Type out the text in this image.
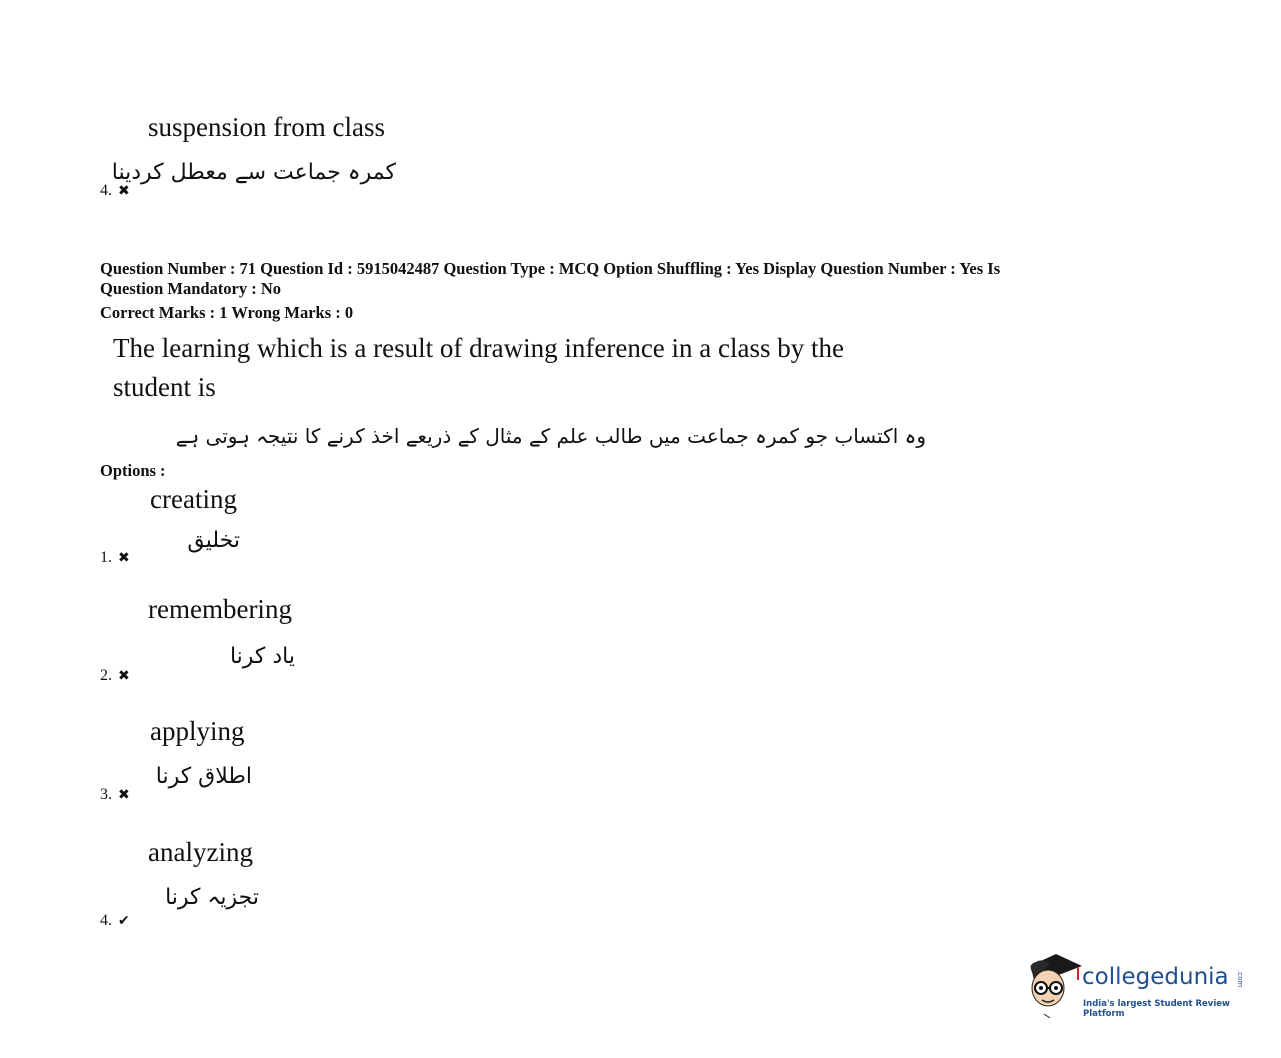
suspension from class
کمرہ جماعت سے معطل کردینا
4. ✖
Question Number : 71 Question Id : 5915042487 Question Type : MCQ Option Shuffling : Yes Display Question Number : Yes Is
Question Mandatory : No
Correct Marks : 1 Wrong Marks : 0
The learning which is a result of drawing inference in a class by the
student is
وہ اکتساب جو کمرہ جماعت میں طالب علم کے مثال کے ذریعے اخذ کرنے کا نتیجہ ہوتی ہے
Options :
creating
تخلیق
1. ✖
remembering
یاد کرنا
2. ✖
applying
اطلاق کرنا
3. ✖
analyzing
تجزیہ کرنا
4. ✔
collegedunia .com
India's largest Student Review Platform
